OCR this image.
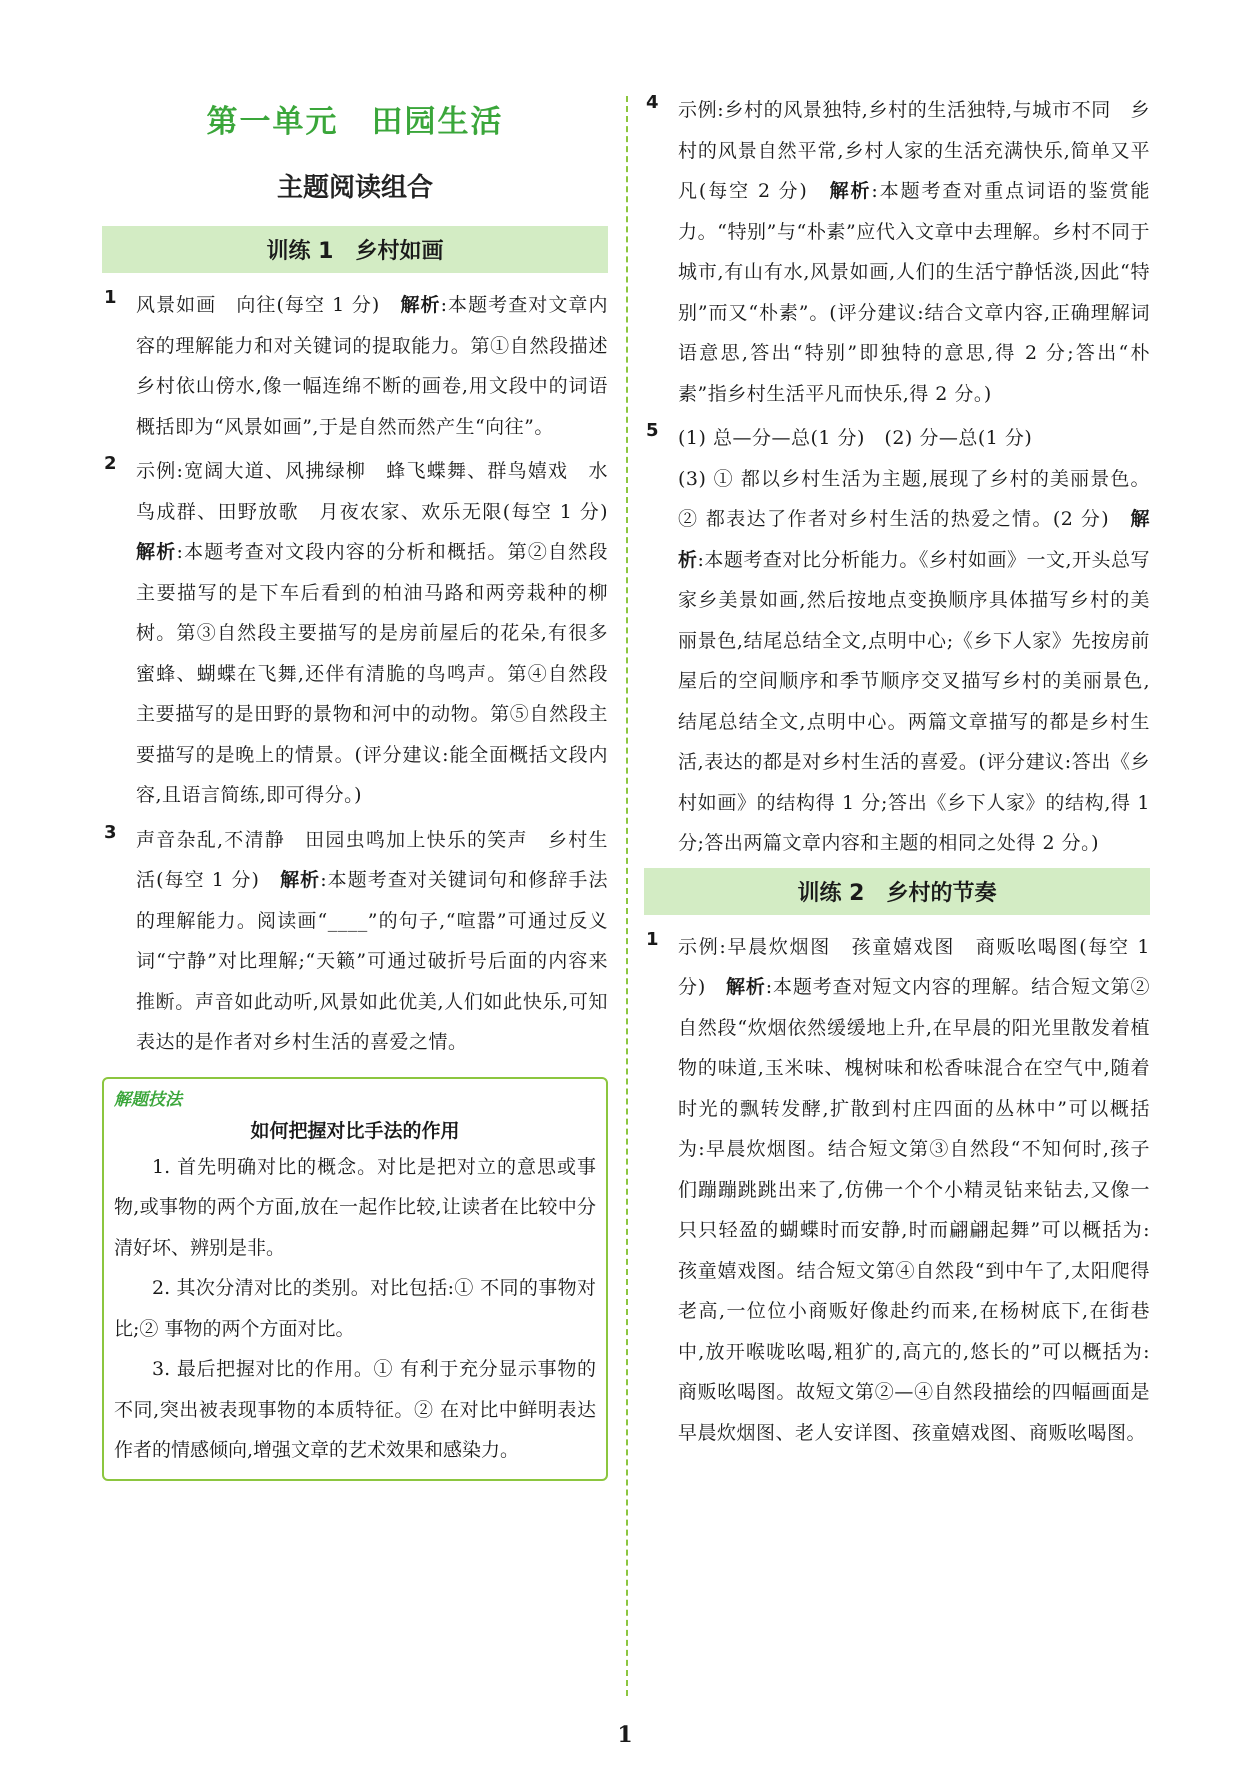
第一单元　田园生活
主题阅读组合
训练 1　乡村如画
1 风景如画　向往(每空 1 分)　 解析:本题考查对文章内容的理解能力和对关键词的提取能力。第①自然段描述乡村依山傍水,像一幅连绵不断的画卷,用文段中的词语概括即为“风景如画”,于是自然而然产生“向往”。

2 示例:宽阔大道、风拂绿柳　蜂飞蝶舞、群鸟嬉戏　水鸟成群、田野放歌　月夜农家、欢乐无限(每空 1 分)　解析:本题考查对文段内容的分析和概括。第②自然段主要描写的是下车后看到的柏油马路和两旁栽种的柳树。第③自然段主要描写的是房前屋后的花朵,有很多蜜蜂、蝴蝶在飞舞,还伴有清脆的鸟鸣声。第④自然段主要描写的是田野的景物和河中的动物。第⑤自然段主要描写的是晚上的情景。(评分建议:能全面概括文段内容,且语言简练,即可得分。)

3 声音杂乱,不清静　田园虫鸣加上快乐的笑声　乡村生活(每空 1 分)　 解析:本题考查对关键词句和修辞手法的理解能力。阅读画“____”的句子,“喧嚣”可通过反义词“宁静”对比理解;“天籁”可通过破折号后面的内容来推断。声音如此动听,风景如此优美,人们如此快乐,可知表达的是作者对乡村生活的喜爱之情。

解题技法
如何把握对比手法的作用

1. 首先明确对比的概念。对比是把对立的意思或事物,或事物的两个方面,放在一起作比较,让读者在比较中分清好坏、辨别是非。

2. 其次分清对比的类别。对比包括:① 不同的事物对比;② 事物的两个方面对比。

3. 最后把握对比的作用。① 有利于充分显示事物的不同,突出被表现事物的本质特征。② 在对比中鲜明表达作者的情感倾向,增强文章的艺术效果和感染力。

4 示例:乡村的风景独特,乡村的生活独特,与城市不同　乡村的风景自然平常,乡村人家的生活充满快乐,简单又平凡(每空 2 分)　 解析:本题考查对重点词语的鉴赏能力。“特别”与“朴素”应代入文章中去理解。乡村不同于城市,有山有水,风景如画,人们的生活宁静恬淡,因此“特别”而又“朴素”。(评分建议:结合文章内容,正确理解词语意思,答出“特别”即独特的意思,得 2 分;答出“朴素”指乡村生活平凡而快乐,得 2 分。)

5 (1) 总—分—总(1 分)　(2) 分—总(1 分)

(3) ① 都以乡村生活为主题,展现了乡村的美丽景色。② 都表达了作者对乡村生活的热爱之情。(2 分)　 解析:本题考查对比分析能力。《乡村如画》一文,开头总写家乡美景如画,然后按地点变换顺序具体描写乡村的美丽景色,结尾总结全文,点明中心;《乡下人家》先按房前屋后的空间顺序和季节顺序交叉描写乡村的美丽景色,结尾总结全文,点明中心。两篇文章描写的都是乡村生活,表达的都是对乡村生活的喜爱。(评分建议:答出《乡村如画》的结构得 1 分;答出《乡下人家》的结构,得 1 分;答出两篇文章内容和主题的相同之处得 2 分。)

训练 2　乡村的节奏
1 示例:早晨炊烟图　孩童嬉戏图　商贩吆喝图(每空 1 分)　 解析:本题考查对短文内容的理解。结合短文第②自然段“炊烟依然缓缓地上升,在早晨的阳光里散发着植物的味道,玉米味、槐树味和松香味混合在空气中,随着时光的飘转发酵,扩散到村庄四面的丛林中”可以概括为:早晨炊烟图。结合短文第③自然段“不知何时,孩子们蹦蹦跳跳出来了,仿佛一个个小精灵钻来钻去,又像一只只轻盈的蝴蝶时而安静,时而翩翩起舞”可以概括为:孩童嬉戏图。结合短文第④自然段“到中午了,太阳爬得老高,一位位小商贩好像赴约而来,在杨树底下,在街巷中,放开喉咙吆喝,粗犷的,高亢的,悠长的”可以概括为:商贩吆喝图。故短文第②—④自然段描绘的四幅画面是早晨炊烟图、老人安详图、孩童嬉戏图、商贩吆喝图。

1
